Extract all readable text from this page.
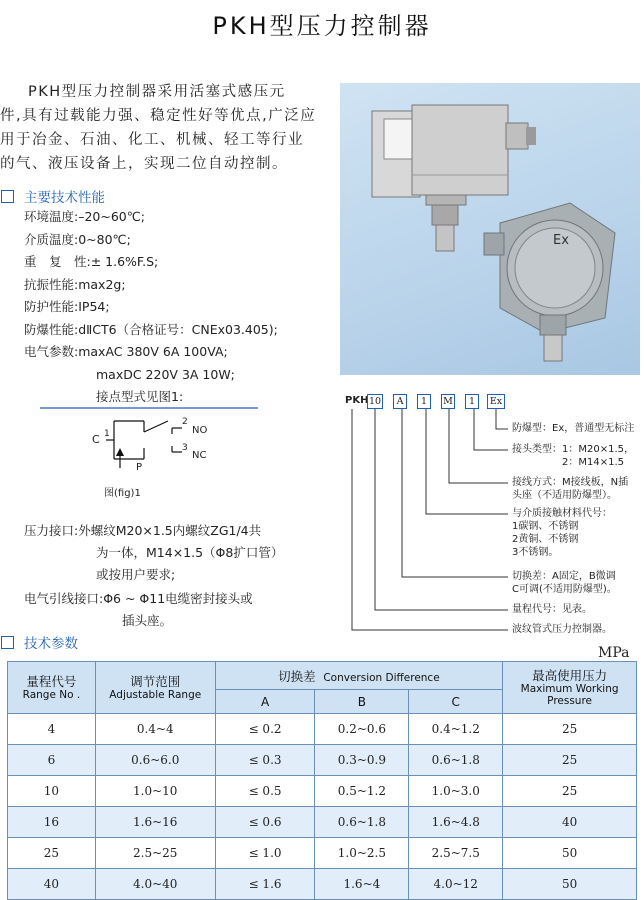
PKH型压力控制器

PKH型压力控制器采用活塞式感压元

件,具有过载能力强、稳定性好等优点,广泛应

用于冶金、石油、化工、机械、轻工等行业

的气、液压设备上，实现二位自动控制。

主要技术性能
环境温度:–20~60℃;
介质温度:0~80℃;
重　复　性:± 1.6%F.S;
抗振性能:max2g;
防护性能:IP54;
防爆性能:dⅡCT6（合格证号：CNEx03.405);
电气参数:maxAC 380V 6A 100VA;
maxDC 220V 3A 10W;
接点型式见图1:
C 1
2
NO
3
NC
P
图(fig)1
压力接口:外螺纹M20×1.5内螺纹ZG1/4共
为一体，M14×1.5（Φ8扩口管）
或按用户要求;
电气引线接口:Φ6 ~ Φ11电缆密封接头或
插头座。
技术参数
Ex
PKH 10	A	1	M	1	Ex
防爆型：Ex，普通型无标注
接头类型：1：M20×1.5，
　　　　　2：M14×1.5
接线方式：M接线板，N插
头座（不适用防爆型）。
与介质接触材料代号：
1碳钢、不锈钢
2黄铜、不锈钢
3不锈钢。
切换差：A固定，B微调
C可调(不适用防爆型)。
量程代号：见表。
波纹管式压力控制器。
MPa
量程代号
Range No .	调节范围
Adjustable Range	切换差 Conversion Difference			最高使用压力
Maximum Working
Pressure

		A	B	C	
4	0.4~4	≤ 0.2	0.2~0.6	0.4~1.2	25
6	0.6~6.0	≤ 0.3	0.3~0.9	0.6~1.8	25
10	1.0~10	≤ 0.5	0.5~1.2	1.0~3.0	25
16	1.6~16	≤ 0.6	0.6~1.8	1.6~4.8	40
25	2.5~25	≤ 1.0	1.0~2.5	2.5~7.5	50
40	4.0~40	≤ 1.6	1.6~4	4.0~12	50
